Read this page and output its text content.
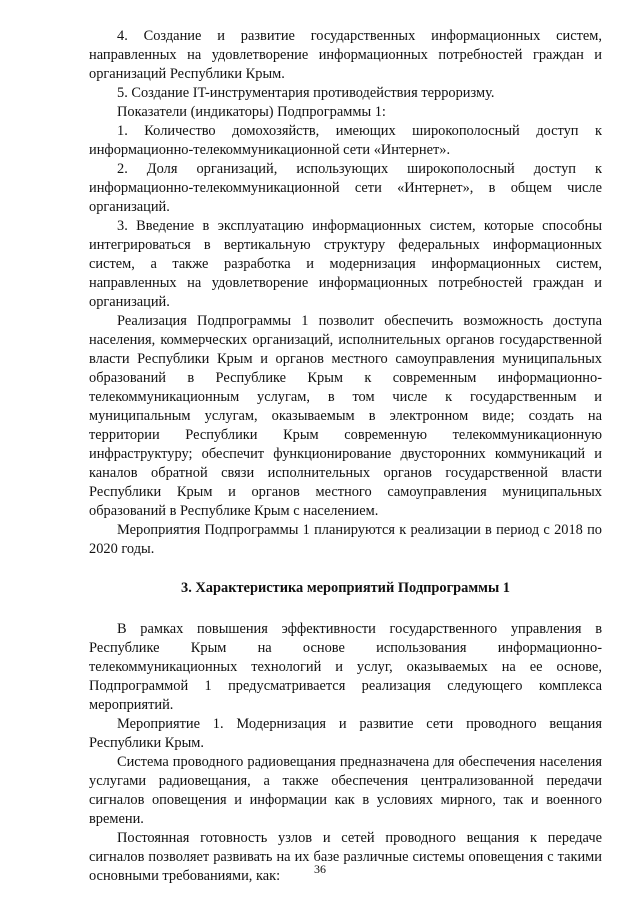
4. Создание и развитие государственных информационных систем, направленных на удовлетворение информационных потребностей граждан и организаций Республики Крым.

5. Создание IT-инструментария противодействия терроризму.

Показатели (индикаторы) Подпрограммы 1:

1. Количество домохозяйств, имеющих широкополосный доступ к информационно-телекоммуникационной сети «Интернет».

2. Доля организаций, использующих широкополосный доступ к информационно-телекоммуникационной сети «Интернет», в общем числе организаций.

3. Введение в эксплуатацию информационных систем, которые способны интегрироваться в вертикальную структуру федеральных информационных систем, а также разработка и модернизация информационных систем, направленных на удовлетворение информационных потребностей граждан и организаций.

Реализация Подпрограммы 1 позволит обеспечить возможность доступа населения, коммерческих организаций, исполнительных органов государственной власти Республики Крым и органов местного самоуправления муниципальных образований в Республике Крым к современным информационно-телекоммуникационным услугам, в том числе к государственным и муниципальным услугам, оказываемым в электронном виде; создать на территории Республики Крым современную телекоммуникационную инфраструктуру; обеспечит функционирование двусторонних коммуникаций и каналов обратной связи исполнительных органов государственной власти Республики Крым и органов местного самоуправления муниципальных образований в Республике Крым с населением.

Мероприятия Подпрограммы 1 планируются к реализации в период с 2018 по 2020 годы.

3. Характеристика мероприятий Подпрограммы 1

В рамках повышения эффективности государственного управления в Республике Крым на основе использования информационно-телекоммуникационных технологий и услуг, оказываемых на ее основе, Подпрограммой 1 предусматривается реализация следующего комплекса мероприятий.

Мероприятие 1. Модернизация и развитие сети проводного вещания Республики Крым.

Система проводного радиовещания предназначена для обеспечения населения услугами радиовещания, а также обеспечения централизованной передачи сигналов оповещения и информации как в условиях мирного, так и военного времени.

Постоянная готовность узлов и сетей проводного вещания к передаче сигналов позволяет развивать на их базе различные системы оповещения с такими основными требованиями, как:	36
